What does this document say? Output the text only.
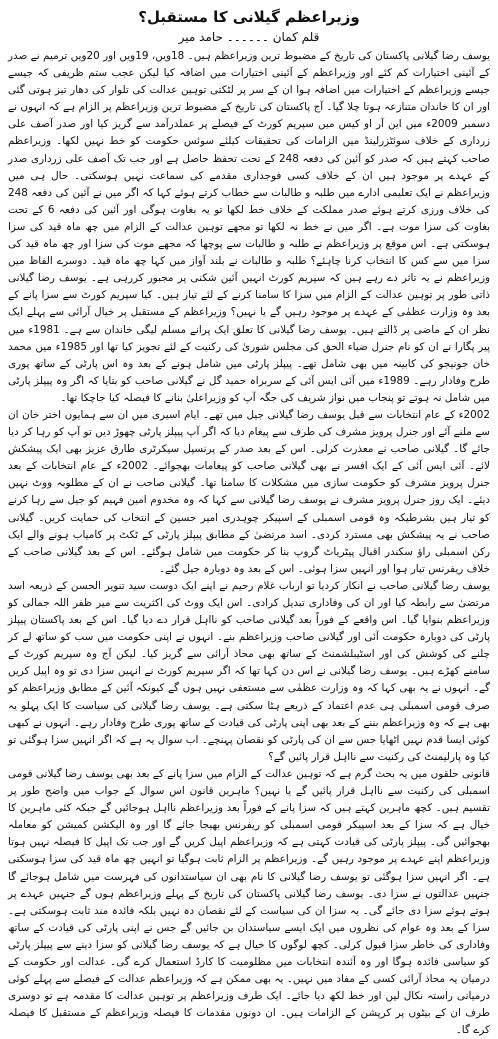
وزیراعظم گیلانی کا مستقبل؟
قلم کمان ۔۔۔۔۔۔ حامد میر

یوسف رضا گیلانی پاکستان کی تاریخ کے مضبوط ترین وزیراعظم ہیں۔ 18ویں، 19ویں اور 20ویں ترمیم نے صدر کے آئینی اختیارات کم کئے اور وزیراعظم کے آئینی اختیارات میں اضافہ کیا لیکن عجب ستم ظریفی کہ جیسے جیسے وزیراعظم کے اختیارات میں اضافہ ہوا ان کے سر پر لٹکتی توہین عدالت کی تلوار کی دھار تیز ہوتی گئی اور ان کا خاندان متنازعہ ہوتا چلا گیا۔ آج پاکستان کی تاریخ کے مضبوط ترین وزیراعظم پر الزام ہے کہ انہوں نے دسمبر 2009ء میں این آر او کیس میں سپریم کورٹ کے فیصلے پر عملدرآمد سے گریز کیا اور صدر آصف علی زرداری کے خلاف سوئٹزرلینڈ میں الزامات کی تحقیقات کیلئے سوئس حکومت کو خط نہیں لکھا۔ وزیراعظم صاحب کہتے ہیں کہ صدر کو آئین کی دفعہ 248 کے تحت تحفظ حاصل ہے اور جب تک آصف علی زرداری صدر کے عہدے پر موجود ہیں ان کے خلاف کسی فوجداری مقدمے کی سماعت نہیں ہوسکتی۔ حال ہی میں وزیراعظم نے ایک تعلیمی ادارے میں طلبہ و طالبات سے خطاب کرتے ہوئے کہا کہ اگر میں نے آئین کی دفعہ 248 کی خلاف ورزی کرتے ہوئے صدر مملکت کے خلاف خط لکھا تو یہ بغاوت ہوگی اور آئین کی دفعہ 6 کے تحت بغاوت کی سزا موت ہے۔ اگر میں نے خط نہ لکھا تو مجھے توہین عدالت کے الزام میں چھ ماہ قید کی سزا ہوسکتی ہے۔ اس موقع پر وزیراعظم نے طلبہ و طالبات سے پوچھا کہ مجھے موت کی سزا اور چھ ماہ قید کی سزا میں سے کس کا انتخاب کرنا چاہئے؟ طلبہ و طالبات نے بلند آواز میں کہا چھ ماہ قید۔ دوسرے الفاظ میں وزیراعظم نے یہ تاثر دے رہے ہیں کہ سپریم کورٹ انہیں آئین شکنی پر مجبور کررہی ہے۔ یوسف رضا گیلانی ذاتی طور پر توہین عدالت کے الزام میں سزا کا سامنا کرنے کے لئے تیار ہیں۔ کیا سپریم کورٹ سے سزا پانے کے بعد وہ وزارت عظمٰی کے عہدے پر موجود رہیں گے یا نہیں؟ وزیراعظم کے مستقبل پر خیال آرائی سے پہلے ایک نظر ان کے ماضی پر ڈالتے ہیں۔ یوسف رضا گیلانی کا تعلق ایک پرانے مسلم لیگی خاندان سے ہے۔ 1981ء میں پیر پگارا نے ان کو نام جنرل ضیاء الحق کی مجلس شوریٰ کی رکنیت کے لئے تجویز کیا تھا اور 1985ء میں محمد خان جونیجو کی کابینہ میں بھی شامل تھے۔ پیپلز پارٹی میں شامل ہونے کے بعد وہ اس پارٹی کے ساتھ پوری طرح وفادار رہے۔ 1989ء میں آئی ایس آئی کے سربراہ حمید گل نے گیلانی صاحب کو بتایا کہ اگر وہ پیپلز پارٹی میں شامل نہ ہوتے تو پنجاب میں نواز شریف کی جگہ آپ کو وزیراعلیٰ بنانے کا فیصلہ کیا جاچکا تھا۔

2002ء کے عام انتخابات سے قبل یوسف رضا گیلانی جیل میں تھے۔ ایام اسیری میں ان سے ہمایوں اختر خان ان سے ملنے آئے اور جنرل پرویز مشرف کی طرف سے پیغام دیا کہ اگر آپ پیپلز پارٹی چھوڑ دیں تو آپ کو رہا کر دیا جائے گا۔ گیلانی صاحب نے معذرت کرلی۔ اس کے بعد صدر کے پرنسپل سیکرٹری طارق عزیز بھی ایک پیشکش لائے۔ آئی ایس آئی کے ایک افسر نے بھی گیلانی صاحب کو پیغامات بھجوائے۔ 2002ء کے عام انتخابات کے بعد جنرل پرویز مشرف کو حکومت سازی میں مشکلات کا سامنا تھا۔ گیلانی صاحب نے ان کے مطلوبہ ووٹ نہیں دیئے۔ ایک روز جنرل پرویز مشرف نے یوسف رضا گیلانی سے کہا کہ وہ مخدوم امین فہیم کو جیل سے رہا کرنے کو تیار ہیں بشرطیکہ وہ قومی اسمبلی کے اسپیکر چوہدری امیر حسین کے انتخاب کی حمایت کریں۔ گیلانی صاحب نے یہ پیشکش بھی مسترد کردی۔ اسد مرتضیٰ کے مطابق پیپلز پارٹی کے ٹکٹ پر کامیاب ہونے والے ایک رکن اسمبلی راؤ سکندر اقبال پیٹریاٹ گروپ بنا کر حکومت میں شامل ہوگئے۔ اس کے بعد گیلانی صاحب کے خلاف ریفرنس تیار ہوا اور انہیں سزا ہوئی۔ اس کے بعد وہ دوبارہ جیل گئے۔

یوسف رضا گیلانی صاحب نے انکار کردیا تو ارباب غلام رحیم نے اپنے ایک دوست سید تنویر الحسن کے ذریعہ اسد مرتضیٰ سے رابطہ کیا اور ان کی وفاداری تبدیل کرادی۔ اس ایک ووٹ کی اکثریت سے میر ظفر اللہ جمالی کو وزیراعظم بنوایا گیا۔ اس واقعے کے فوراً بعد گیلانی صاحب کو نااہل قرار دے دیا گیا۔ اس کے بعد پاکستان پیپلز پارٹی کی دوبارہ حکومت آئی اور گیلانی صاحب وزیراعظم بنے۔ انہوں نے اپنی حکومت میں سب کو ساتھ لے کر چلنے کی کوشش کی اور اسٹیبلشمنٹ کے ساتھ بھی محاذ آرائی سے گریز کیا۔ لیکن آج وہ سپریم کورٹ کے سامنے کھڑے ہیں۔ یوسف رضا گیلانی نے اس دن کہا تھا کہ اگر سپریم کورٹ نے انہیں سزا دی تو وہ اپیل کریں گے۔ انہوں نے یہ بھی کہا کہ وہ وزارت عظمٰی سے مستعفی نہیں ہوں گے کیونکہ آئین کے مطابق وزیراعظم کو صرف قومی اسمبلی ہی عدم اعتماد کے ذریعے ہٹا سکتی ہے۔ یوسف رضا گیلانی کی سیاست کا ایک پہلو یہ بھی ہے کہ وہ وزیراعظم بننے کے بعد بھی اپنی پارٹی کی قیادت کے ساتھ پوری طرح وفادار رہے۔ انہوں نے کبھی کوئی ایسا قدم نہیں اٹھایا جس سے ان کی پارٹی کو نقصان پہنچے۔ اب سوال یہ ہے کہ اگر انہیں سزا ہوگئی تو کیا وہ پارلیمنٹ کی رکنیت سے نااہل قرار پائیں گے؟

قانونی حلقوں میں یہ بحث گرم ہے کہ توہین عدالت کے الزام میں سزا پانے کے بعد بھی یوسف رضا گیلانی قومی اسمبلی کی رکنیت سے نااہل قرار پائیں گے یا نہیں؟ ماہرین قانون اس سوال کے جواب میں واضح طور پر تقسیم ہیں۔ کچھ ماہرین کہتے ہیں کہ سزا پانے کے فوراً بعد وزیراعظم نااہل ہوجائیں گے جبکہ کئی ماہرین کا خیال ہے کہ سزا کے بعد اسپیکر قومی اسمبلی کو ریفرنس بھیجا جائے گا اور وہ الیکشن کمیشن کو معاملہ بھجوائیں گی۔ پیپلز پارٹی کی قیادت کہتی ہے کہ وزیراعظم اپیل کریں گے اور جب تک اپیل کا فیصلہ نہیں ہوتا وزیراعظم اپنے عہدے پر موجود رہیں گے۔ وزیراعظم پر الزام ثابت ہوگیا تو انہیں چھ ماہ قید کی سزا ہوسکتی ہے۔ اگر انہیں سزا ہوگئی تو یوسف رضا گیلانی کا نام بھی ان سیاستدانوں کی فہرست میں شامل ہوجائے گا جنہیں عدالتوں نے سزا دی۔ یوسف رضا گیلانی پاکستان کی تاریخ کے پہلے وزیراعظم ہوں گے جنہیں عہدے پر ہوتے ہوئے سزا دی جائے گی۔ یہ سزا ان کی سیاست کے لئے نقصان دہ نہیں بلکہ فائدہ مند ثابت ہوسکتی ہے۔ سزا کے بعد وہ عوام کی نظروں میں ایک ایسے سیاستدان بن جائیں گے جس نے اپنی پارٹی کی قیادت کے ساتھ وفاداری کی خاطر سزا قبول کرلی۔ کچھ لوگوں کا خیال ہے کہ یوسف رضا گیلانی کو سزا دینے سے پیپلز پارٹی کو سیاسی فائدہ ہوگا اور وہ آئندہ انتخابات میں مظلومیت کا کارڈ استعمال کرے گی۔ عدالت اور حکومت کے درمیان یہ محاذ آرائی کسی کے مفاد میں نہیں۔ یہ بھی ممکن ہے کہ وزیراعظم عدالت کے فیصلے سے پہلے کوئی درمیانی راستہ نکال لیں اور خط لکھ دیا جائے۔ ایک طرف وزیراعظم پر توہین عدالت کا مقدمہ ہے تو دوسری طرف ان کے بیٹوں پر کرپشن کے الزامات ہیں۔ ان دونوں مقدمات کا فیصلہ وزیراعظم کے مستقبل کا فیصلہ کرے گا۔
